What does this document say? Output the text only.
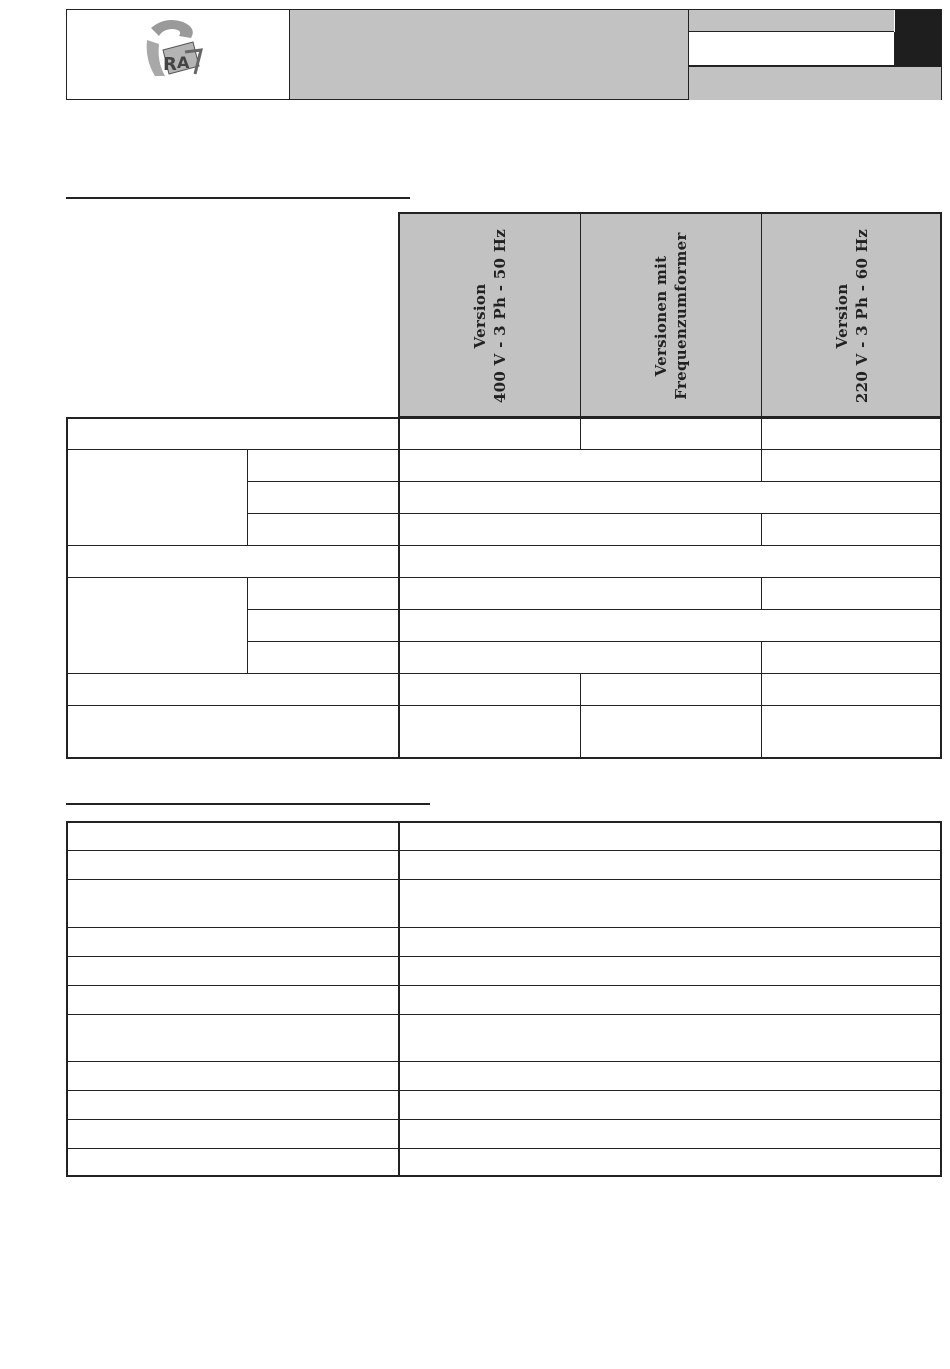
R A
Version 400 V - 3 Ph - 50 Hz	Versionen mit Frequenzumformer	Version 220 V - 3 Ph - 60 Hz
